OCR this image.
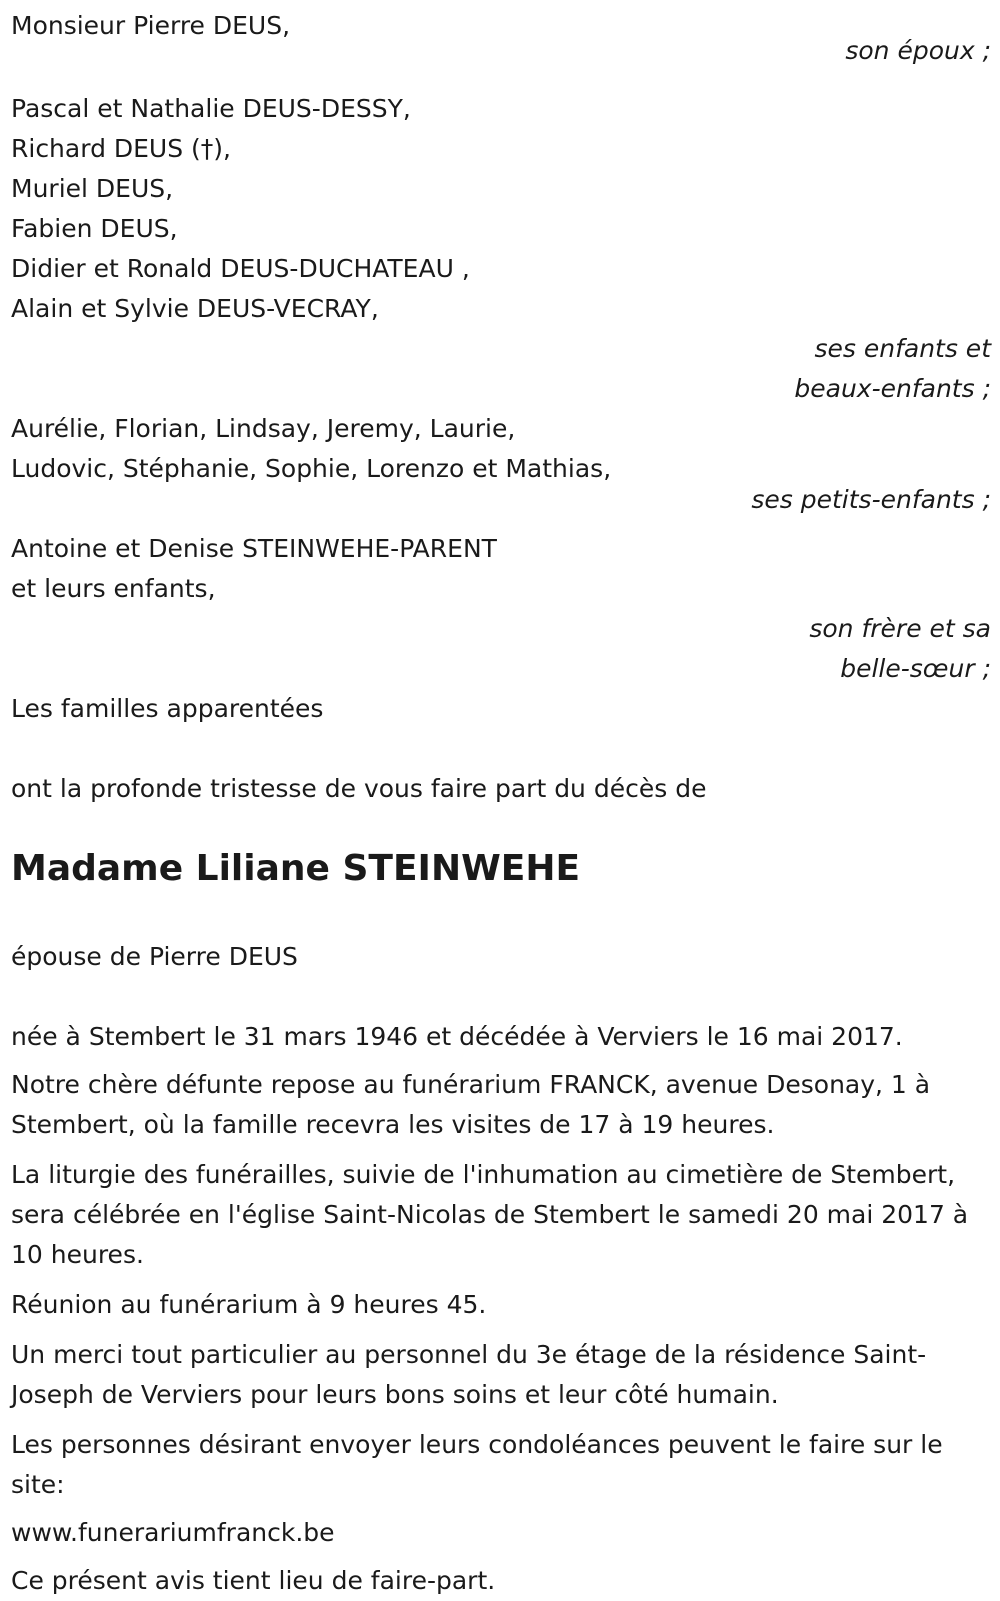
Monsieur Pierre DEUS,
son époux ;
Pascal et Nathalie DEUS-DESSY,
Richard DEUS (†),
Muriel DEUS,
Fabien DEUS,
Didier et Ronald DEUS-DUCHATEAU ,
Alain et Sylvie DEUS-VECRAY,
ses enfants et
beaux-enfants ;
Aurélie, Florian, Lindsay, Jeremy, Laurie,
Ludovic, Stéphanie, Sophie, Lorenzo et Mathias,
ses petits-enfants ;
Antoine et Denise STEINWEHE-PARENT
et leurs enfants,
son frère et sa
belle-sœur ;
Les familles apparentées
ont la profonde tristesse de vous faire part du décès de
Madame Liliane STEINWEHE
épouse de Pierre DEUS

née à Stembert le 31 mars 1946 et décédée à Verviers le 16 mai 2017.

Notre chère défunte repose au funérarium FRANCK, avenue Desonay, 1 à Stembert, où la famille recevra les visites de 17 à 19 heures.

La liturgie des funérailles, suivie de l'inhumation au cimetière de Stembert, sera célébrée en l'église Saint-Nicolas de Stembert le samedi 20 mai 2017 à 10 heures.

Réunion au funérarium à 9 heures 45.

Un merci tout particulier au personnel du 3e étage de la résidence Saint-Joseph de Verviers pour leurs bons soins et leur côté humain.

Les personnes désirant envoyer leurs condoléances peuvent le faire sur le site:

www.funerariumfranck.be

Ce présent avis tient lieu de faire-part.
